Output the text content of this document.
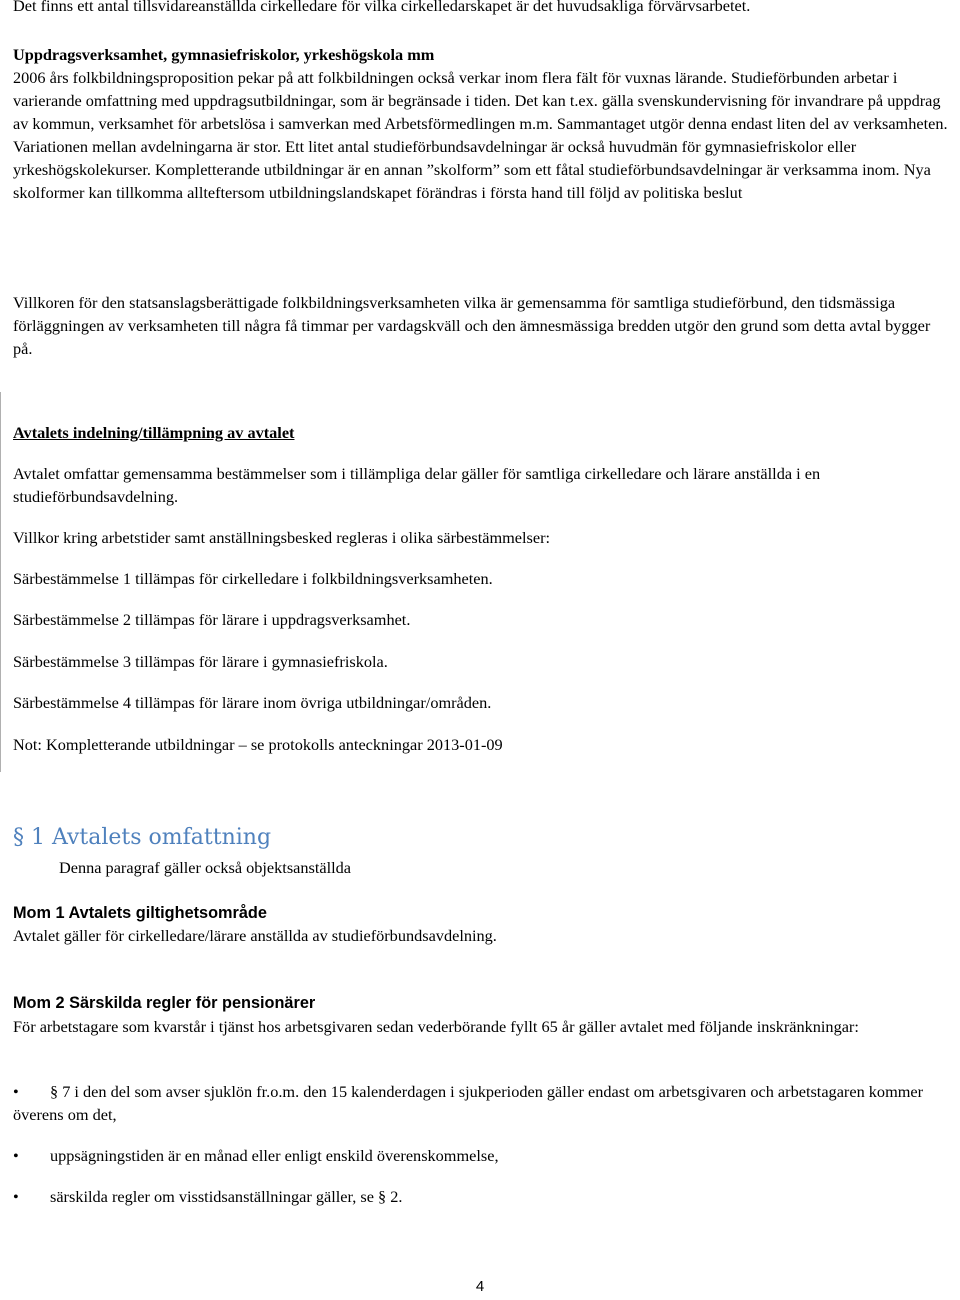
Det finns ett antal tillsvidareanställda cirkelledare för vilka cirkelledarskapet är det huvudsakliga förvärvsarbetet.

Uppdragsverksamhet, gymnasiefriskolor, yrkeshögskola mm

2006 års folkbildningsproposition pekar på att folkbildningen också verkar inom flera fält för vuxnas lärande. Studieförbunden arbetar i varierande omfattning med uppdragsutbildningar, som är begränsade i tiden. Det kan t.ex. gälla svenskundervisning för invandrare på uppdrag av kommun, verksamhet för arbetslösa i samverkan med Arbetsförmedlingen m.m. Sammantaget utgör denna endast liten del av verksamheten. Variationen mellan avdelningarna är stor. Ett litet antal studieförbundsavdelningar är också huvudmän för gymnasiefriskolor eller yrkeshögskolekurser. Kompletterande utbildningar är en annan ”skolform” som ett fåtal studieförbundsavdelningar är verksamma inom. Nya skolformer kan tillkomma allteftersom utbildningslandskapet förändras i första hand till följd av politiska beslut

Villkoren för den statsanslagsberättigade folkbildningsverksamheten vilka är gemensamma för samtliga studieförbund, den tidsmässiga förläggningen av verksamheten till några få timmar per vardagskväll och den ämnesmässiga bredden utgör den grund som detta avtal bygger på.

Avtalets indelning/tillämpning av avtalet

Avtalet omfattar gemensamma bestämmelser som i tillämpliga delar gäller för samtliga cirkelledare och lärare anställda i en studieförbundsavdelning.

Villkor kring arbetstider samt anställningsbesked regleras i olika särbestämmelser:

Särbestämmelse 1 tillämpas för cirkelledare i folkbildningsverksamheten.

Särbestämmelse 2 tillämpas för lärare i uppdragsverksamhet.

Särbestämmelse 3 tillämpas för lärare i gymnasiefriskola.

Särbestämmelse 4 tillämpas för lärare inom övriga utbildningar/områden.

Not: Kompletterande utbildningar – se protokolls anteckningar 2013-01-09

§ 1 Avtalets omfattning

Denna paragraf gäller också objektsanställda

Mom 1 Avtalets giltighetsområde

Avtalet gäller för cirkelledare/lärare anställda av studieförbundsavdelning.

Mom 2 Särskilda regler för pensionärer

För arbetstagare som kvarstår i tjänst hos arbetsgivaren sedan vederbörande fyllt 65 år gäller avtalet med följande inskränkningar:

•	§ 7 i den del som avser sjuklön fr.o.m. den 15 kalenderdagen i sjukperioden gäller endast om arbetsgivaren och arbetstagaren kommer överens om det,
• uppsägningstiden är en månad eller enligt enskild överenskommelse,
• särskilda regler om visstidsanställningar gäller, se § 2.
4
